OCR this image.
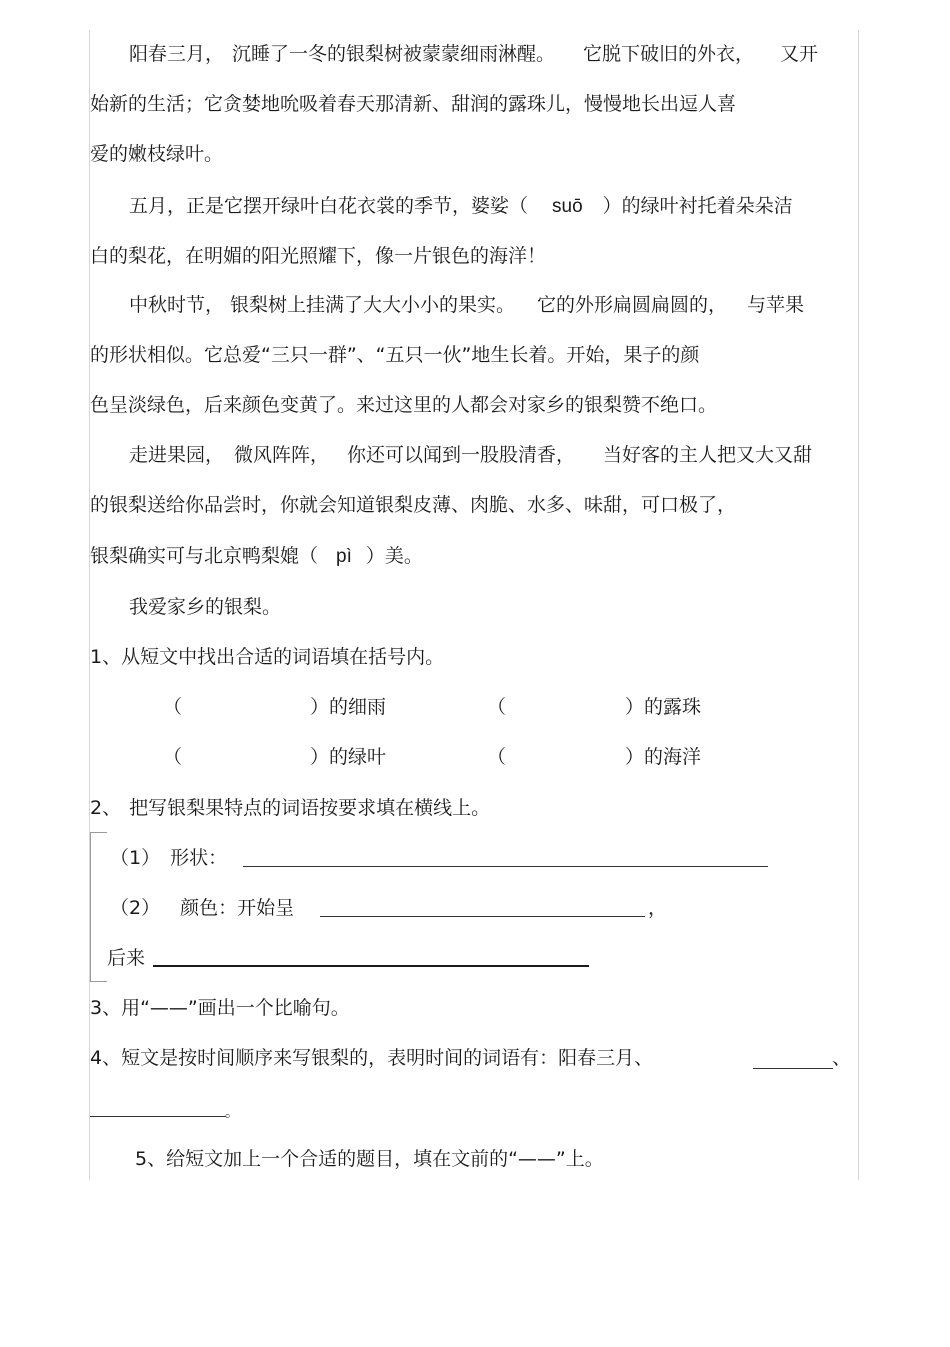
阳春三月， 沉睡了一冬的银梨树被蒙蒙细雨淋醒。 它脱下破旧的外衣， 又开
始新的生活；它贪婪地吮吸着春天那清新、甜润的露珠儿，慢慢地长出逗人喜
爱的嫩枝绿叶。
五月，正是它摆开绿叶白花衣裳的季节，婆娑（ suō ）的绿叶衬托着朵朵洁
白的梨花，在明媚的阳光照耀下，像一片银色的海洋！
中秋时节， 银梨树上挂满了大大小小的果实。 它的外形扁圆扁圆的， 与苹果
的形状相似。它总爱“三只一群”、“五只一伙”地生长着。开始，果子的颜
色呈淡绿色，后来颜色变黄了。来过这里的人都会对家乡的银梨赞不绝口。
走进果园， 微风阵阵， 你还可以闻到一股股清香， 当好客的主人把又大又甜
的银梨送给你品尝时，你就会知道银梨皮薄、肉脆、水多、味甜，可口极了，
银梨确实可与北京鸭梨媲（ pì ）美。
我爱家乡的银梨。
1、从短文中找出合适的词语填在括号内。
（	）的细雨	（	）的露珠
（	）的绿叶	（	）的海洋
2、 把写银梨果特点的词语按要求填在横线上。
（1） 形状：
（2） 颜色：开始呈	，
后来
3、用“——”画出一个比喻句。
4、短文是按时间顺序来写银梨的，表明时间的词语有：阳春三月、	、
。
5、给短文加上一个合适的题目，填在文前的“——”上。
